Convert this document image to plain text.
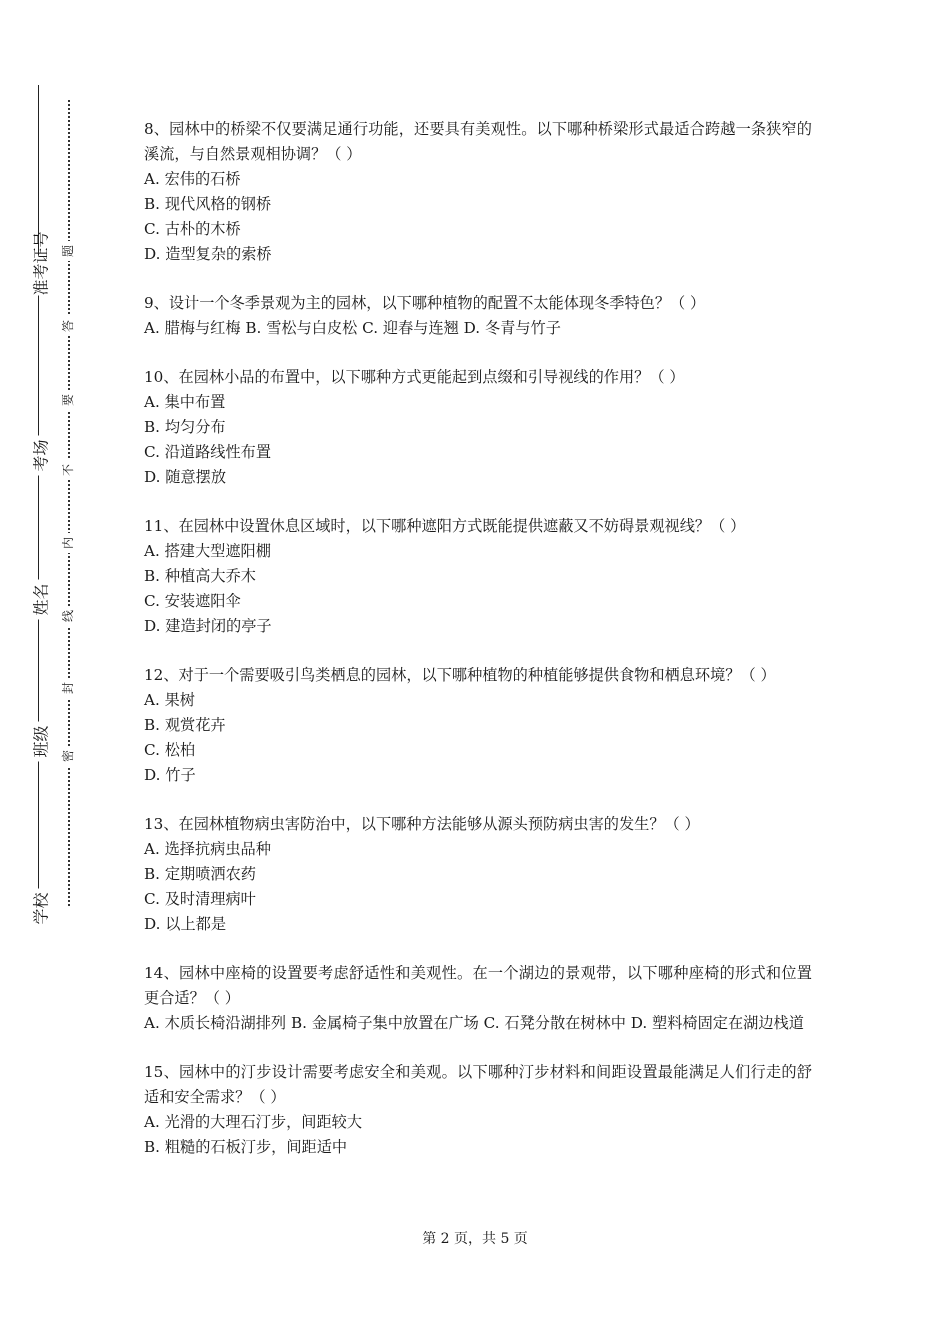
准考证号
考场
姓名
班级
学校
题
答
要
不
内
线
封
密
8、园林中的桥梁不仅要满足通行功能，还要具有美观性。以下哪种桥梁形式最适合跨越一条狭窄的溪流，与自然景观相协调？（ ）
A. 宏伟的石桥
B. 现代风格的钢桥
C. 古朴的木桥
D. 造型复杂的索桥
9、设计一个冬季景观为主的园林，以下哪种植物的配置不太能体现冬季特色？（ ）
A. 腊梅与红梅 B. 雪松与白皮松 C. 迎春与连翘 D. 冬青与竹子
10、在园林小品的布置中，以下哪种方式更能起到点缀和引导视线的作用？（ ）
A. 集中布置
B. 均匀分布
C. 沿道路线性布置
D. 随意摆放
11、在园林中设置休息区域时，以下哪种遮阳方式既能提供遮蔽又不妨碍景观视线？（ ）
A. 搭建大型遮阳棚
B. 种植高大乔木
C. 安装遮阳伞
D. 建造封闭的亭子
12、对于一个需要吸引鸟类栖息的园林，以下哪种植物的种植能够提供食物和栖息环境？（ ）
A. 果树
B. 观赏花卉
C. 松柏
D. 竹子
13、在园林植物病虫害防治中，以下哪种方法能够从源头预防病虫害的发生？（ ）
A. 选择抗病虫品种
B. 定期喷洒农药
C. 及时清理病叶
D. 以上都是
14、园林中座椅的设置要考虑舒适性和美观性。在一个湖边的景观带，以下哪种座椅的形式和位置更合适？（ ）
A. 木质长椅沿湖排列 B. 金属椅子集中放置在广场 C. 石凳分散在树林中 D. 塑料椅固定在湖边栈道
15、园林中的汀步设计需要考虑安全和美观。以下哪种汀步材料和间距设置最能满足人们行走的舒适和安全需求？（ ）
A. 光滑的大理石汀步，间距较大
B. 粗糙的石板汀步，间距适中
第 2 页，共 5 页
